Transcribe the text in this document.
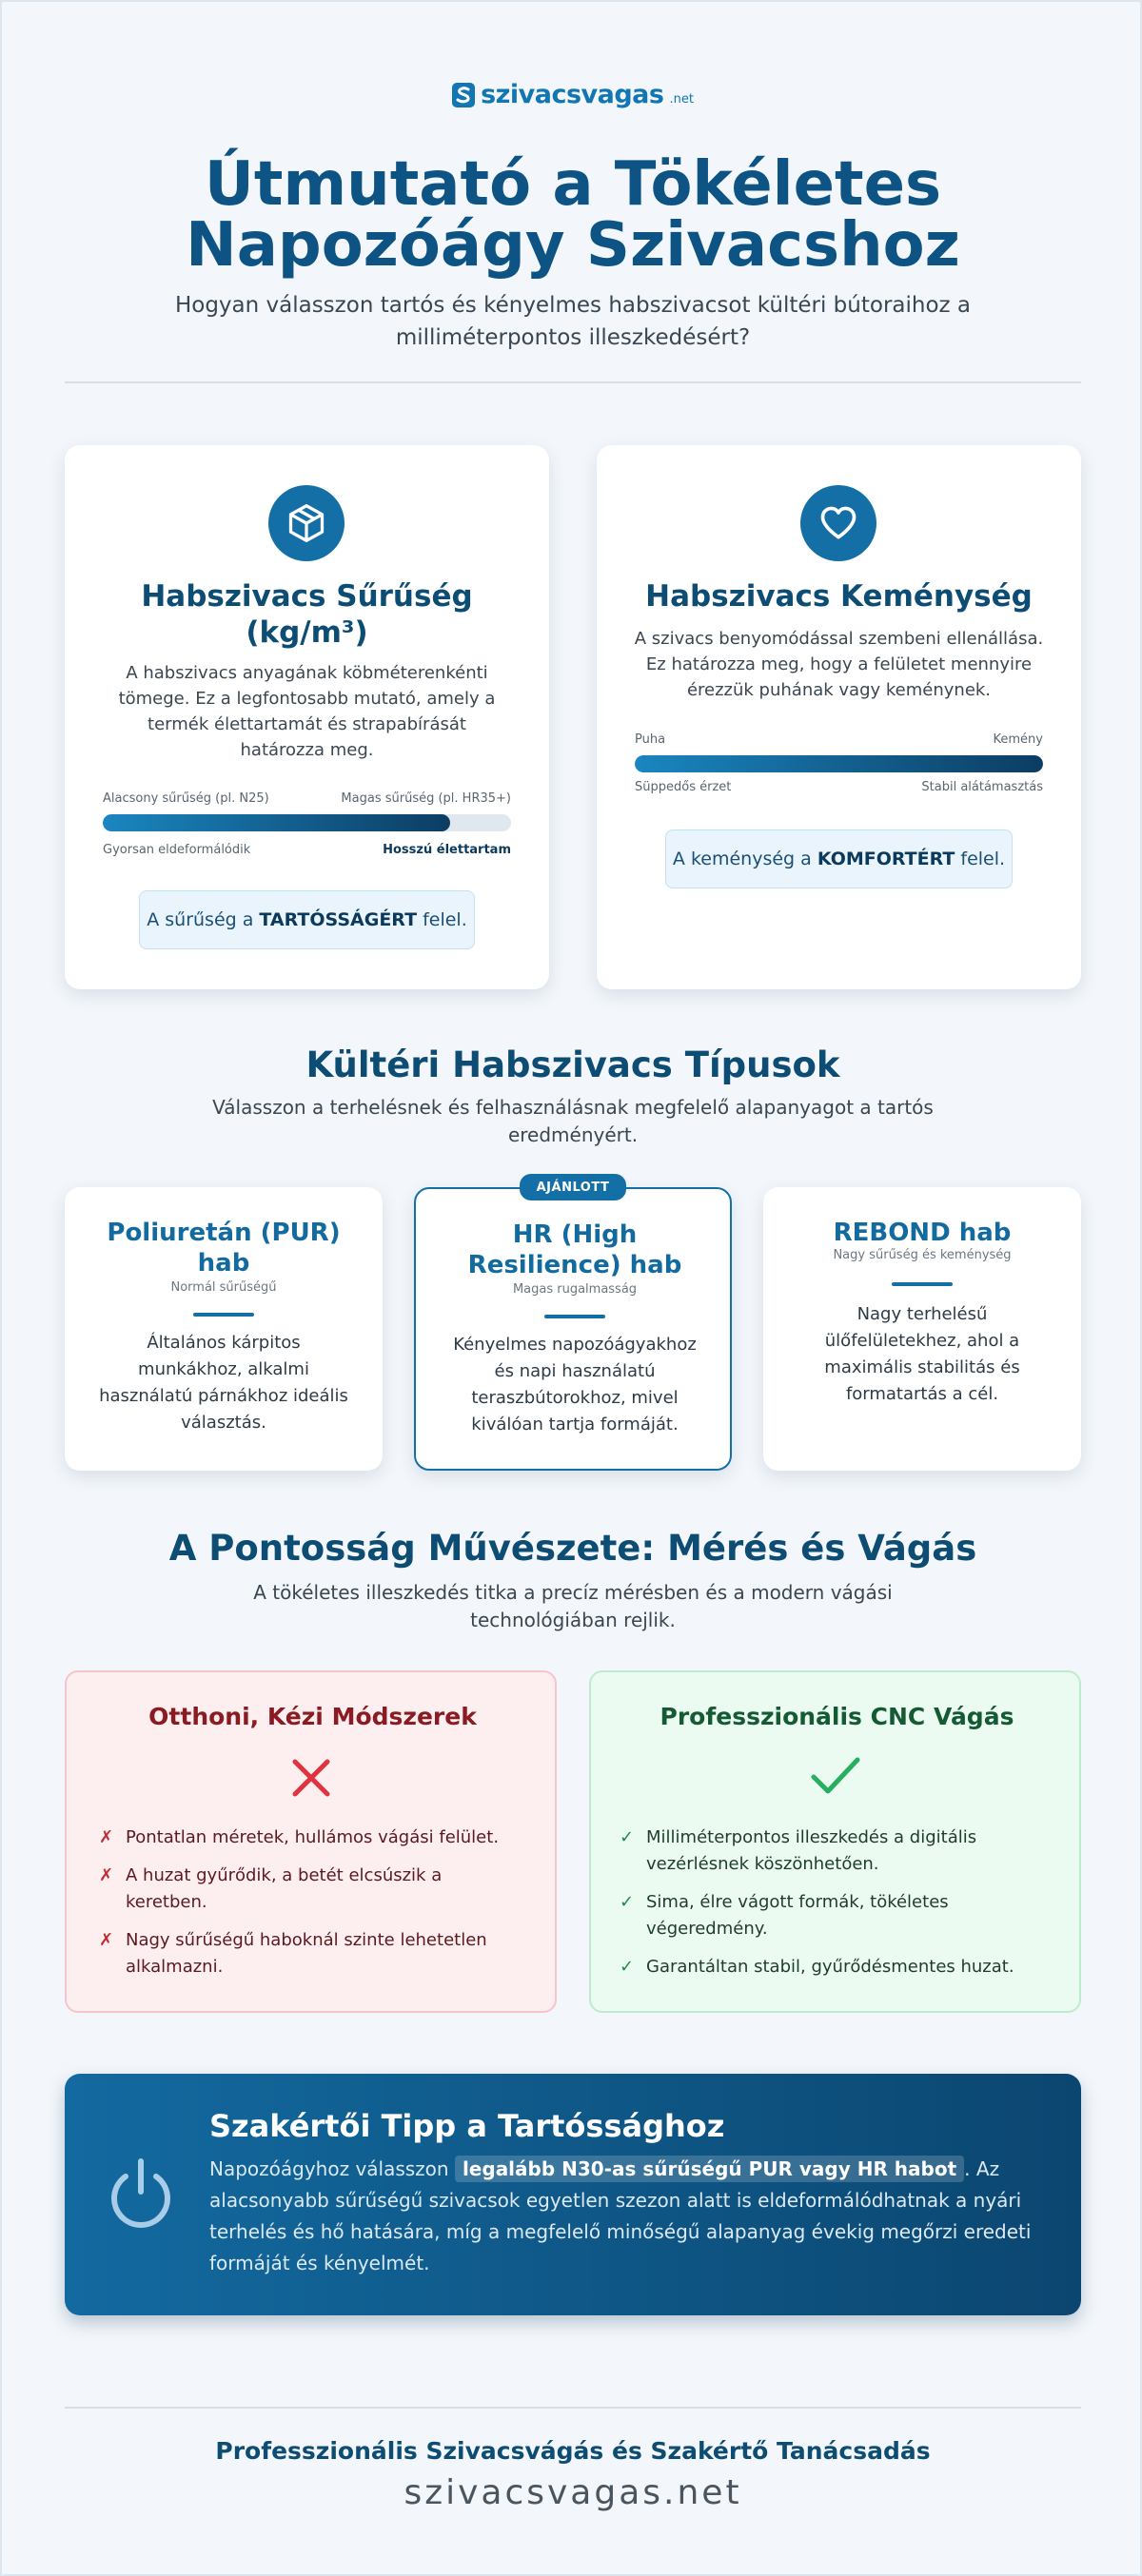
szivacsvagas .net
Útmutató a Tökéletes Napozóágy Szivacshoz

Hogyan válasszon tartós és kényelmes habszivacsot kültéri bútoraihoz a milliméterpontos illeszkedésért?

Habszivacs Sűrűség (kg/m³)

A habszivacs anyagának köbméterenkénti tömege. Ez a legfontosabb mutató, amely a termék élettartamát és strapabírását határozza meg.

Alacsony sűrűség (pl. N25)	Magas sűrűség (pl. HR35+)
Gyorsan eldeformálódik	Hosszú élettartam
A sűrűség a TARTÓSSÁGÉRT felel.
Habszivacs Keménység

A szivacs benyomódással szembeni ellenállása. Ez határozza meg, hogy a felületet mennyire érezzük puhának vagy keménynek.

Puha	Kemény
Süppedős érzet	Stabil alátámasztás
A keménység a KOMFORTÉRT felel.
Kültéri Habszivacs Típusok

Válasszon a terhelésnek és felhasználásnak megfelelő alapanyagot a tartós eredményért.

Poliuretán (PUR) hab
Normál sűrűségű

Általános kárpitos munkákhoz, alkalmi használatú párnákhoz ideális választás.

AJÁNLOTT
HR (High Resilience) hab
Magas rugalmasság

Kényelmes napozóágyakhoz és napi használatú teraszbútorokhoz, mivel kiválóan tartja formáját.

REBOND hab
Nagy sűrűség és keménység

Nagy terhelésű ülőfelületekhez, ahol a maximális stabilitás és formatartás a cél.

A Pontosság Művészete: Mérés és Vágás

A tökéletes illeszkedés titka a precíz mérésben és a modern vágási technológiában rejlik.

Otthoni, Kézi Módszerek
✗ Pontatlan méretek, hullámos vágási felület.
✗ A huzat gyűrődik, a betét elcsúszik a keretben.
✗ Nagy sűrűségű haboknál szinte lehetetlen alkalmazni.
Professzionális CNC Vágás
✓ Milliméterpontos illeszkedés a digitális vezérlésnek köszönhetően.
✓ Sima, élre vágott formák, tökéletes végeredmény.
✓ Garantáltan stabil, gyűrődésmentes huzat.
Szakértői Tipp a Tartóssághoz

Napozóágyhoz válasszon legalább N30-as sűrűségű PUR vagy HR habot . Az alacsonyabb sűrűségű szivacsok egyetlen szezon alatt is eldeformálódhatnak a nyári terhelés és hő hatására, míg a megfelelő minőségű alapanyag évekig megőrzi eredeti formáját és kényelmét.

Professzionális Szivacsvágás és Szakértő Tanácsadás
szivacsvagas.net
